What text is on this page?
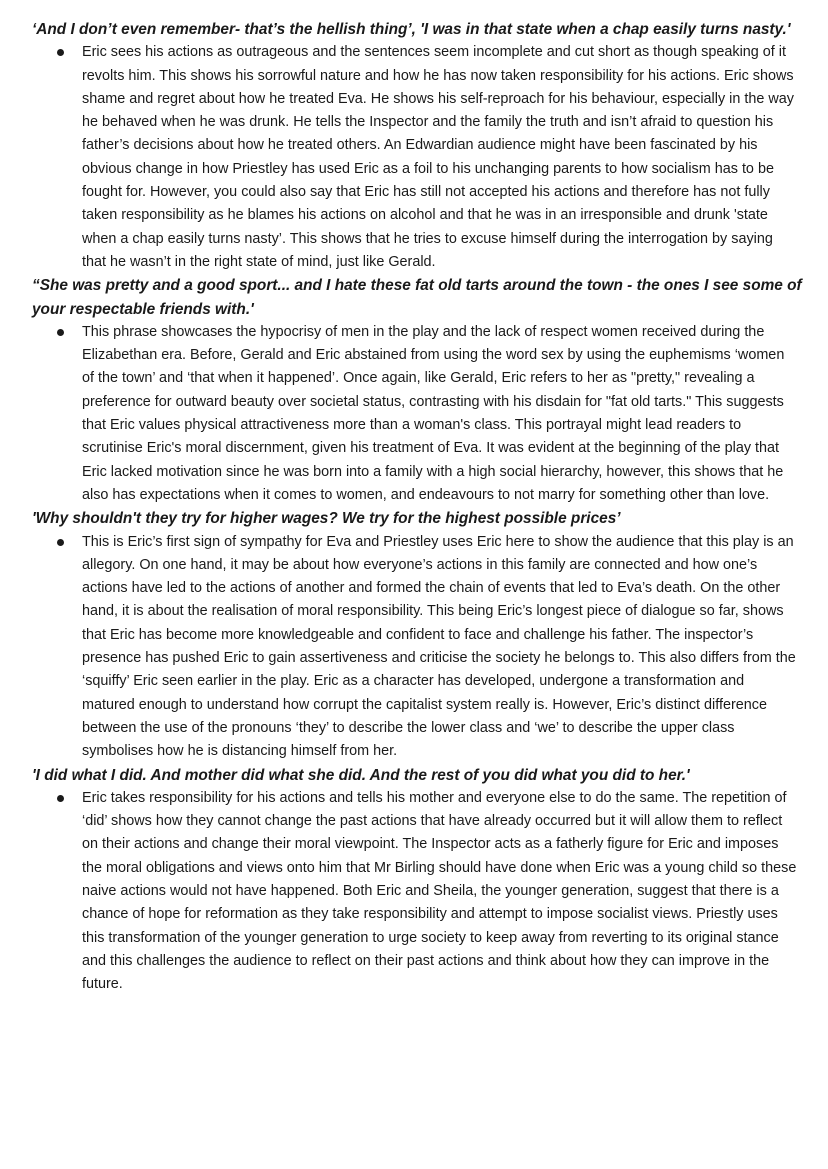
‘And I don’t even remember- that’s the hellish thing’, 'I was in that state when a chap easily turns nasty.'

Eric sees his actions as outrageous and the sentences seem incomplete and cut short as though speaking of it revolts him. This shows his sorrowful nature and how he has now taken responsibility for his actions. Eric shows shame and regret about how he treated Eva. He shows his self-reproach for his behaviour, especially in the way he behaved when he was drunk. He tells the Inspector and the family the truth and isn’t afraid to question his father’s decisions about how he treated others. An Edwardian audience might have been fascinated by his obvious change in how Priestley has used Eric as a foil to his unchanging parents to how socialism has to be fought for. However, you could also say that Eric has still not accepted his actions and therefore has not fully taken responsibility as he blames his actions on alcohol and that he was in an irresponsible and drunk 'state when a chap easily turns nasty’. This shows that he tries to excuse himself during the interrogation by saying that he wasn’t in the right state of mind, just like Gerald.

“She was pretty and a good sport... and I hate these fat old tarts around the town - the ones I see some of your respectable friends with.'

This phrase showcases the hypocrisy of men in the play and the lack of respect women received during the Elizabethan era. Before, Gerald and Eric abstained from using the word sex by using the euphemisms ‘women of the town’ and ‘that when it happened’. Once again, like Gerald, Eric refers to her as "pretty," revealing a preference for outward beauty over societal status, contrasting with his disdain for "fat old tarts." This suggests that Eric values physical attractiveness more than a woman's class. This portrayal might lead readers to scrutinise Eric's moral discernment, given his treatment of Eva. It was evident at the beginning of the play that Eric lacked motivation since he was born into a family with a high social hierarchy, however, this shows that he also has expectations when it comes to women, and endeavours to not marry for something other than love.

'Why shouldn't they try for higher wages? We try for the highest possible prices’

This is Eric’s first sign of sympathy for Eva and Priestley uses Eric here to show the audience that this play is an allegory. On one hand, it may be about how everyone’s actions in this family are connected and how one’s actions have led to the actions of another and formed the chain of events that led to Eva’s death. On the other hand, it is about the realisation of moral responsibility. This being Eric’s longest piece of dialogue so far, shows that Eric has become more knowledgeable and confident to face and challenge his father. The inspector’s presence has pushed Eric to gain assertiveness and criticise the society he belongs to. This also differs from the ‘squiffy’ Eric seen earlier in the play. Eric as a character has developed, undergone a transformation and matured enough to understand how corrupt the capitalist system really is. However, Eric’s distinct difference between the use of the pronouns ‘they’ to describe the lower class and ‘we’ to describe the upper class symbolises how he is distancing himself from her.

'I did what I did. And mother did what she did. And the rest of you did what you did to her.'

Eric takes responsibility for his actions and tells his mother and everyone else to do the same. The repetition of ‘did’ shows how they cannot change the past actions that have already occurred but it will allow them to reflect on their actions and change their moral viewpoint. The Inspector acts as a fatherly figure for Eric and imposes the moral obligations and views onto him that Mr Birling should have done when Eric was a young child so these naive actions would not have happened. Both Eric and Sheila, the younger generation, suggest that there is a chance of hope for reformation as they take responsibility and attempt to impose socialist views. Priestly uses this transformation of the younger generation to urge society to keep away from reverting to its original stance and this challenges the audience to reflect on their past actions and think about how they can improve in the future.
